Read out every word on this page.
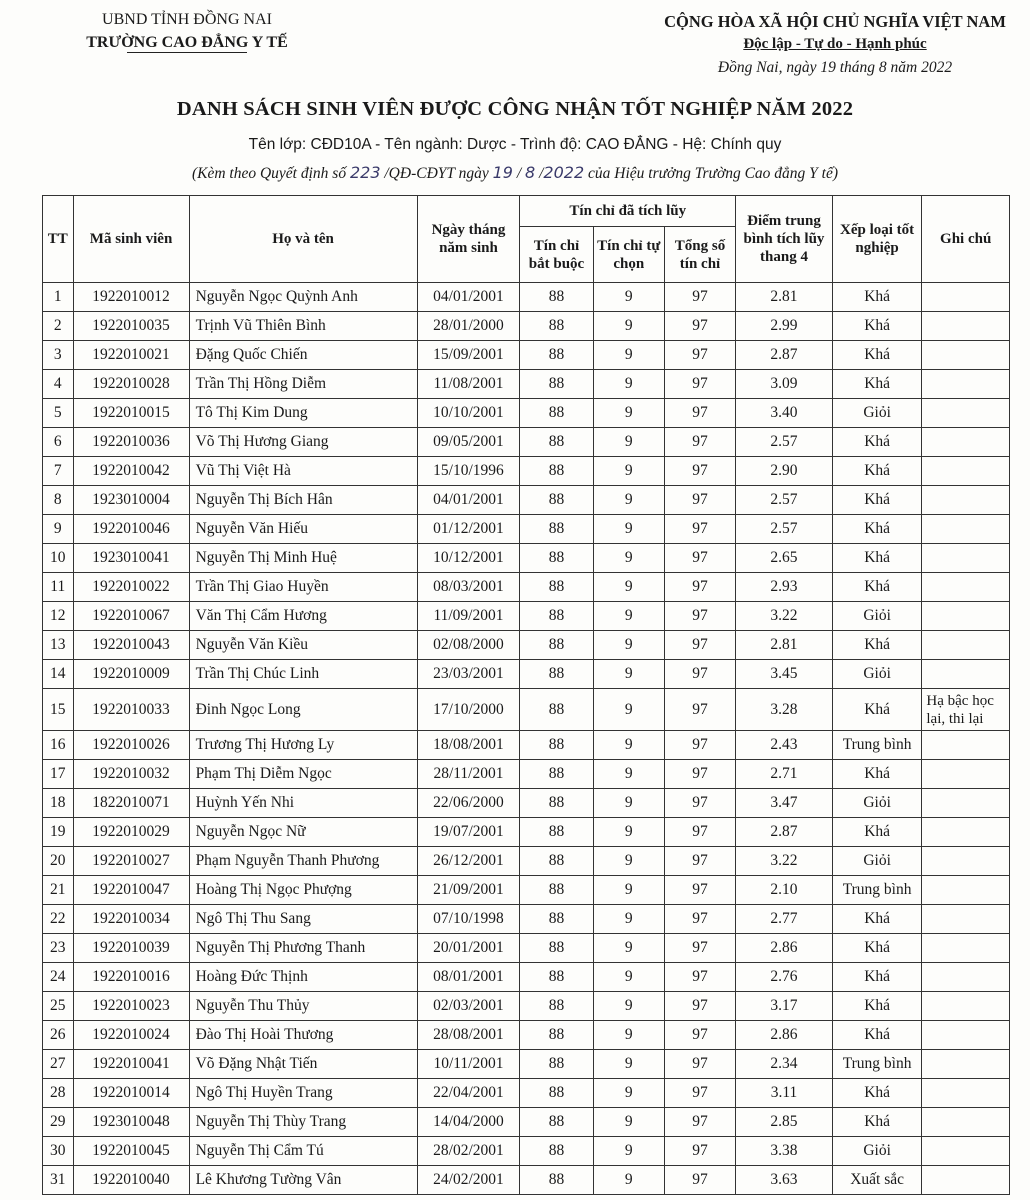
UBND TỈNH ĐỒNG NAI
TRƯỜNG CAO ĐẲNG Y TẾ
CỘNG HÒA XÃ HỘI CHỦ NGHĨA VIỆT NAM
Độc lập - Tự do - Hạnh phúc
Đồng Nai, ngày 19 tháng 8 năm 2022
DANH SÁCH SINH VIÊN ĐƯỢC CÔNG NHẬN TỐT NGHIỆP NĂM 2022
Tên lớp: CĐD10A - Tên ngành: Dược - Trình độ: CAO ĐẲNG - Hệ: Chính quy
(Kèm theo Quyết định số 223 /QĐ-CĐYT ngày 19 / 8 /2022 của Hiệu trưởng Trường Cao đẳng Y tế)
TT	Mã sinh viên	Họ và tên	Ngày tháng năm sinh	Tín chỉ đã tích lũy			Điểm trung bình tích lũy thang 4	Xếp loại tốt nghiệp	Ghi chú
				Tín chỉ bắt buộc	Tín chỉ tự chọn	Tổng số tín chỉ			
1	1922010012	Nguyễn Ngọc Quỳnh Anh	04/01/2001	88	9	97	2.81	Khá	
2	1922010035	Trịnh Vũ Thiên Bình	28/01/2000	88	9	97	2.99	Khá	
3	1922010021	Đặng Quốc Chiến	15/09/2001	88	9	97	2.87	Khá	
4	1922010028	Trần Thị Hồng Diễm	11/08/2001	88	9	97	3.09	Khá	
5	1922010015	Tô Thị Kim Dung	10/10/2001	88	9	97	3.40	Giỏi	
6	1922010036	Võ Thị Hương Giang	09/05/2001	88	9	97	2.57	Khá	
7	1922010042	Vũ Thị Việt Hà	15/10/1996	88	9	97	2.90	Khá	
8	1923010004	Nguyễn Thị Bích Hân	04/01/2001	88	9	97	2.57	Khá	
9	1922010046	Nguyễn Văn Hiếu	01/12/2001	88	9	97	2.57	Khá	
10	1923010041	Nguyễn Thị Minh Huệ	10/12/2001	88	9	97	2.65	Khá	
11	1922010022	Trần Thị Giao Huyền	08/03/2001	88	9	97	2.93	Khá	
12	1922010067	Văn Thị Cẩm Hương	11/09/2001	88	9	97	3.22	Giỏi	
13	1922010043	Nguyễn Văn Kiều	02/08/2000	88	9	97	2.81	Khá	
14	1922010009	Trần Thị Chúc Linh	23/03/2001	88	9	97	3.45	Giỏi	
15	1922010033	Đinh Ngọc Long	17/10/2000	88	9	97	3.28	Khá	Hạ bậc học lại, thi lại
16	1922010026	Trương Thị Hương Ly	18/08/2001	88	9	97	2.43	Trung bình	
17	1922010032	Phạm Thị Diễm Ngọc	28/11/2001	88	9	97	2.71	Khá	
18	1822010071	Huỳnh Yến Nhi	22/06/2000	88	9	97	3.47	Giỏi	
19	1922010029	Nguyễn Ngọc Nữ	19/07/2001	88	9	97	2.87	Khá	
20	1922010027	Phạm Nguyễn Thanh Phương	26/12/2001	88	9	97	3.22	Giỏi	
21	1922010047	Hoàng Thị Ngọc Phượng	21/09/2001	88	9	97	2.10	Trung bình	
22	1922010034	Ngô Thị Thu Sang	07/10/1998	88	9	97	2.77	Khá	
23	1922010039	Nguyễn Thị Phương Thanh	20/01/2001	88	9	97	2.86	Khá	
24	1922010016	Hoàng Đức Thịnh	08/01/2001	88	9	97	2.76	Khá	
25	1922010023	Nguyễn Thu Thủy	02/03/2001	88	9	97	3.17	Khá	
26	1922010024	Đào Thị Hoài Thương	28/08/2001	88	9	97	2.86	Khá	
27	1922010041	Võ Đặng Nhật Tiến	10/11/2001	88	9	97	2.34	Trung bình	
28	1922010014	Ngô Thị Huyền Trang	22/04/2001	88	9	97	3.11	Khá	
29	1923010048	Nguyễn Thị Thùy Trang	14/04/2000	88	9	97	2.85	Khá	
30	1922010045	Nguyễn Thị Cẩm Tú	28/02/2001	88	9	97	3.38	Giỏi	
31	1922010040	Lê Khương Tường Vân	24/02/2001	88	9	97	3.63	Xuất sắc	
